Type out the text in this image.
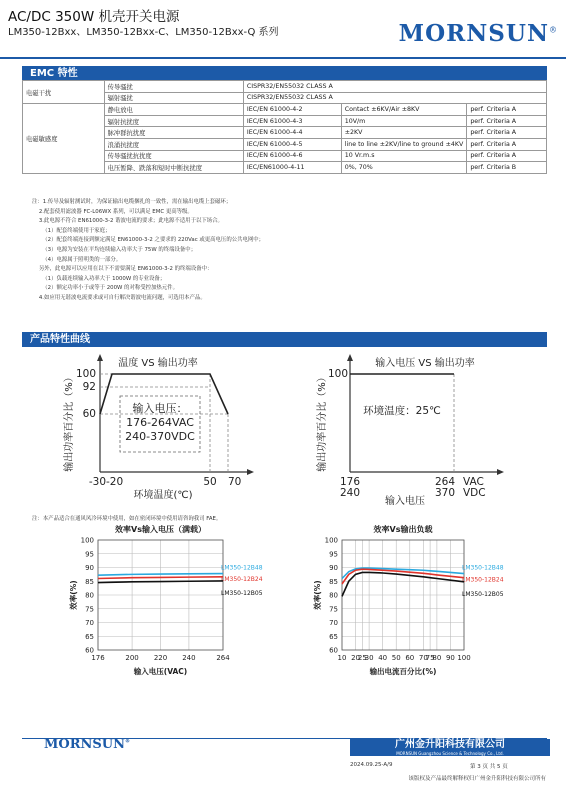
AC/DC 350W 机壳开关电源
LM350-12Bxx、LM350-12Bxx-C、LM350-12Bxx-Q 系列	MORNSUN®
EMC 特性
电磁干扰	传导骚扰	CISPR32/EN55032 CLASS A		
	辐射骚扰	CISPR32/EN55032 CLASS A		
电磁敏感度	静电放电	IEC/EN 61000-4-2	Contact ±6KV/Air ±8KV	perf. Criteria A
	辐射抗扰度	IEC/EN 61000-4-3	10V/m	perf. Criteria A
	脉冲群抗扰度	IEC/EN 61000-4-4	±2KV	perf. Criteria A
	浪涌抗扰度	IEC/EN 61000-4-5	line to line ±2KV/line to ground ±4KV	perf. Criteria A
	传导骚扰抗扰度	IEC/EN 61000-4-6	10 Vr.m.s	perf. Criteria A
	电压暂降、跌落和短时中断抗扰度	IEC/EN61000-4-11	0%, 70%	perf. Criteria B
注：1.传导及辐射测试时，为保证输出电缆捆扎的一致性，需在输出电缆上套磁环；
2.配套使用滤波器 FC-L06WX 系列，可以满足 EMC 更高等级。
3.此电源不符合 EN61000-3-2 谐波电流的要求；此电源不适用于以下场合。
（1）配套终端使用于家庭；
（2）配套终端连接到额定满足 EN61000-3-2 之要求的 220Vac 或更高电压的公共电网中；
（3）电源为安装在平均连续输入功率大于 75W 的终端设备中；
（4）电源属于照明类的一部分。
另外，此电源可以应用在以下不需要满足 EN61000-3-2 的终端设备中：
（1）负载连续输入功率大于 1000W 的专业设备；
（2）额定功率小于或等于 200W 的对称受控加热元件。
4.如应用无谐波电流要求或可自行解决谐波电流问题，可选用本产品。
产品特性曲线
输入电压：
176-264VAC
240-370VDC
温度 VS 输出功率
100
92
60
-30-20	50 70
环境温度(℃)
输出功率百分比（%）
输入电压 VS 输出功率
100
环境温度：25℃
176
240
264
370
VAC
VDC
输入电压
输出功率百分比（%）
注：本产品适合在通风风冷环境中使用，如在密闭环境中使用请咨询我司 FAE。
效率Vs输入电压（满载）
60
65
70
75
80
85
90
95
100
176	200 220 240	264
LM350-12B48
LM350-12B24
LM350-12B05
输入电压(VAC)
效率(%)
效率Vs输出负载
60
65
70
75
80
85
90
95
100
10 20
25
30 40 50 60 70
75
80 90 100
LM350-12B48
LM350-12B24
LM350-12B05
输出电流百分比(%)
效率(%)
MORNSUN®	广州金升阳科技有限公司
MORNSUN Guangzhou Science & Technology Co., Ltd.
2024.09.25-A/9	第 3 页 共 5 页
该版权及产品最终解释权归广州金升阳科技有限公司所有
